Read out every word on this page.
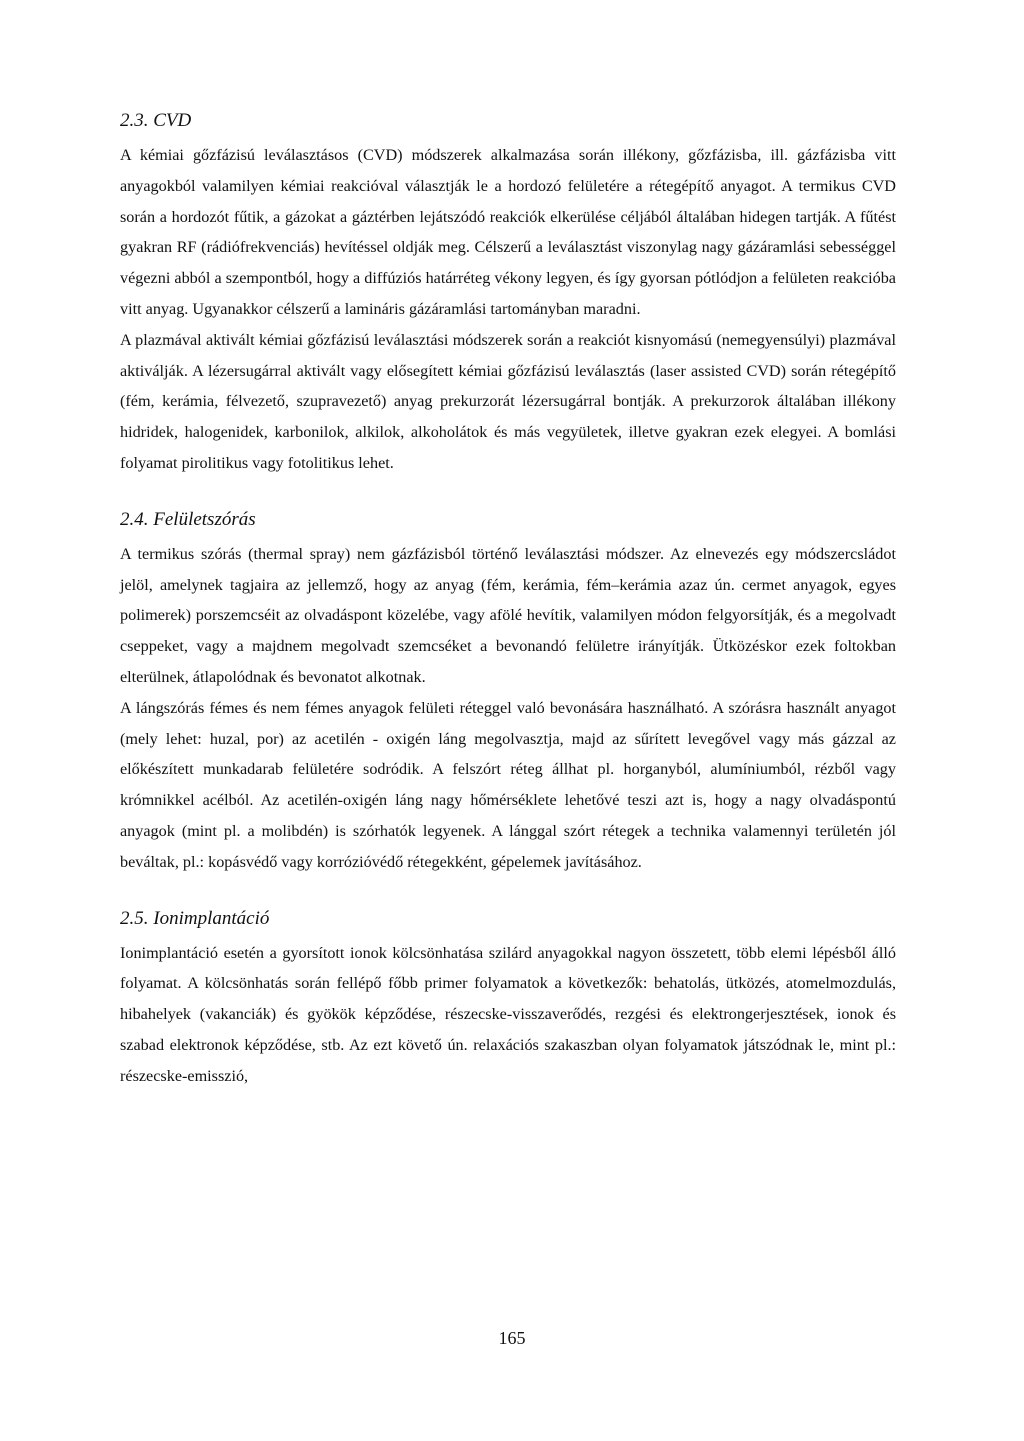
2.3. CVD

A kémiai gőzfázisú leválasztásos (CVD) módszerek alkalmazása során illékony, gőzfázisba, ill. gázfázisba vitt anyagokból valamilyen kémiai reakcióval választják le a hordozó felületére a rétegépítő anyagot. A termikus CVD során a hordozót fűtik, a gázokat a gáztérben lejátszódó reakciók elkerülése céljából általában hidegen tartják. A fűtést gyakran RF (rádiófrekvenciás) hevítéssel oldják meg. Célszerű a leválasztást viszonylag nagy gázáramlási sebességgel végezni abból a szempontból, hogy a diffúziós határréteg vékony legyen, és így gyorsan pótlódjon a felületen reakcióba vitt anyag. Ugyanakkor célszerű a lamináris gázáramlási tartományban maradni.

A plazmával aktivált kémiai gőzfázisú leválasztási módszerek során a reakciót kisnyomású (nemegyensúlyi) plazmával aktiválják. A lézersugárral aktivált vagy elősegített kémiai gőzfázisú leválasztás (laser assisted CVD) során rétegépítő (fém, kerámia, félvezető, szupravezető) anyag prekurzorát lézersugárral bontják. A prekurzorok általában illékony hidridek, halogenidek, karbonilok, alkilok, alkoholátok és más vegyületek, illetve gyakran ezek elegyei. A bomlási folyamat pirolitikus vagy fotolitikus lehet.

2.4. Felületszórás

A termikus szórás (thermal spray) nem gázfázisból történő leválasztási módszer. Az elnevezés egy módszercsládot jelöl, amelynek tagjaira az jellemző, hogy az anyag (fém, kerámia, fém–kerámia azaz ún. cermet anyagok, egyes polimerek) porszemcséit az olvadáspont közelébe, vagy afölé hevítik, valamilyen módon felgyorsítják, és a megolvadt cseppeket, vagy a majdnem megolvadt szemcséket a bevonandó felületre irányítják. Ütközéskor ezek foltokban elterülnek, átlapolódnak és bevonatot alkotnak.

A lángszórás fémes és nem fémes anyagok felületi réteggel való bevonására használható. A szórásra használt anyagot (mely lehet: huzal, por) az acetilén - oxigén láng megolvasztja, majd az sűrített levegővel vagy más gázzal az előkészített munkadarab felületére sodródik. A felszórt réteg állhat pl. horganyból, alumíniumból, rézből vagy krómnikkel acélból. Az acetilén-oxigén láng nagy hőmérséklete lehetővé teszi azt is, hogy a nagy olvadáspontú anyagok (mint pl. a molibdén) is szórhatók legyenek. A lánggal szórt rétegek a technika valamennyi területén jól beváltak, pl.: kopásvédő vagy korrózióvédő rétegekként, gépelemek javításához.

2.5. Ionimplantáció

Ionimplantáció esetén a gyorsított ionok kölcsönhatása szilárd anyagokkal nagyon összetett, több elemi lépésből álló folyamat. A kölcsönhatás során fellépő főbb primer folyamatok a következők: behatolás, ütközés, atomelmozdulás, hibahelyek (vakanciák) és gyökök képződése, részecske-visszaverődés, rezgési és elektrongerjesztések, ionok és szabad elektronok képződése, stb. Az ezt követő ún. relaxációs szakaszban olyan folyamatok játszódnak le, mint pl.: részecske-emisszió,

165
